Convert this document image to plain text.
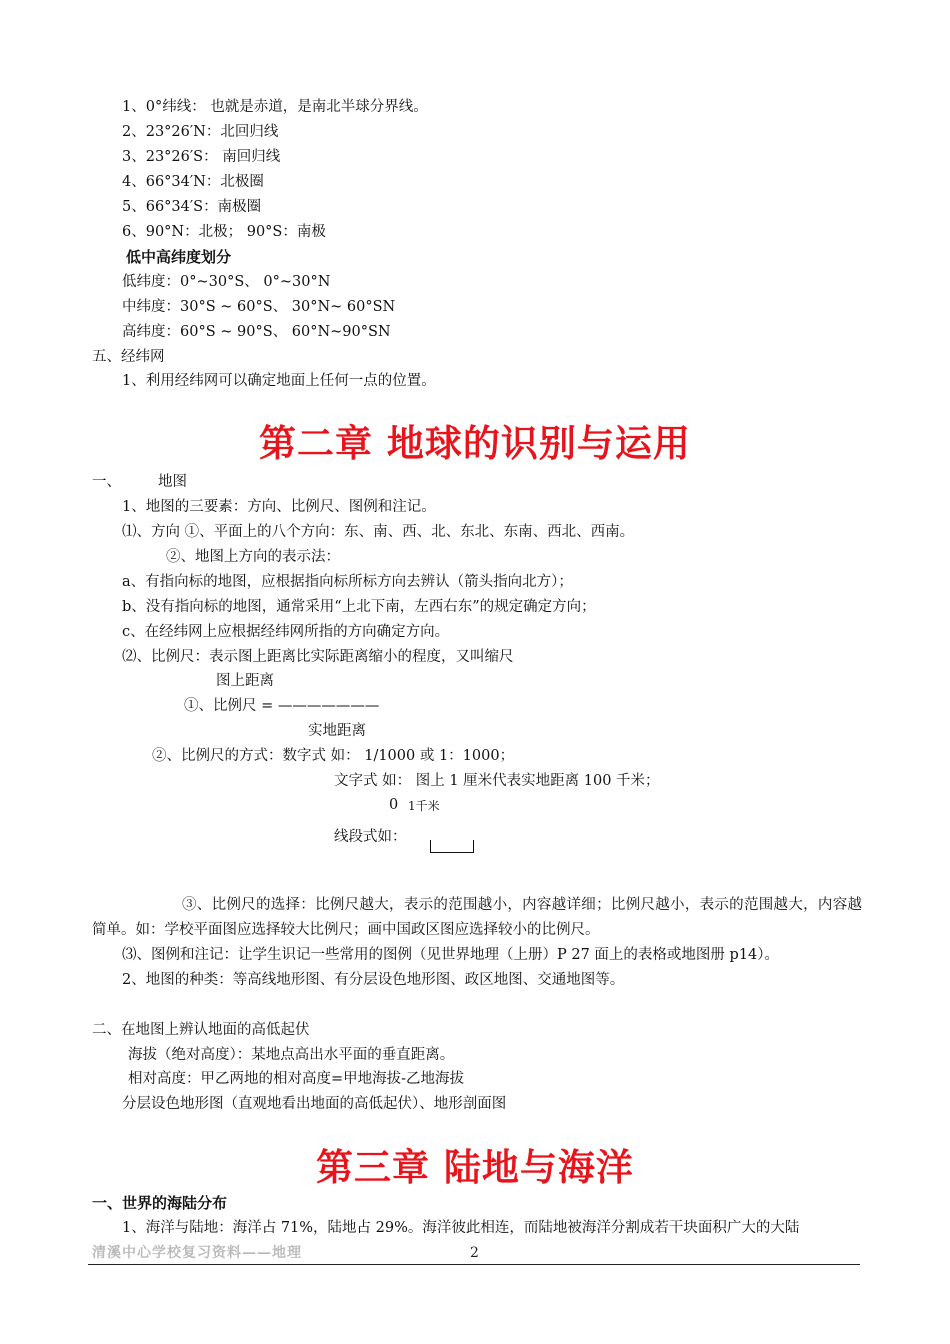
1、0°纬线： 也就是赤道，是南北半球分界线。
2、23°26′N：北回归线
3、23°26′S： 南回归线
4、66°34′N：北极圈
5、66°34′S：南极圈
6、90°N：北极； 90°S：南极
低中高纬度划分
低纬度：0°~30°S、 0°~30°N
中纬度：30°S ~ 60°S、 30°N~ 60°SN
高纬度：60°S ~ 90°S、 60°N~90°SN
五、经纬网
1、利用经纬网可以确定地面上任何一点的位置。
第二章 地球的识别与运用
一、	地图
1、地图的三要素：方向、比例尺、图例和注记。
⑴、方向 ①、平面上的八个方向：东、南、西、北、东北、东南、西北、西南。
②、地图上方向的表示法：
a、有指向标的地图，应根据指向标所标方向去辨认（箭头指向北方）；
b、没有指向标的地图，通常采用“上北下南，左西右东”的规定确定方向；
c、在经纬网上应根据经纬网所指的方向确定方向。
⑵、比例尺：表示图上距离比实际距离缩小的程度，又叫缩尺
图上距离
①、比例尺 = ———————
实地距离
②、比例尺的方式：数字式 如： 1/1000 或 1：1000；
文字式 如： 图上 1 厘米代表实地距离 100 千米；
0 1千米
线段式如：
③、比例尺的选择：比例尺越大，表示的范围越小，内容越详细；比例尺越小，表示的范围越大，内容越简单。如：学校平面图应选择较大比例尺；画中国政区图应选择较小的比例尺。
⑶、图例和注记：让学生识记一些常用的图例（见世界地理（上册）P 27 面上的表格或地图册 p14）。
2、地图的种类：等高线地形图、有分层设色地形图、政区地图、交通地图等。
二、在地图上辨认地面的高低起伏
海拔（绝对高度）：某地点高出水平面的垂直距离。
相对高度：甲乙两地的相对高度=甲地海拔-乙地海拔
分层设色地形图（直观地看出地面的高低起伏）、地形剖面图
第三章 陆地与海洋
一、世界的海陆分布
1、海洋与陆地：海洋占 71%，陆地占 29%。海洋彼此相连，而陆地被海洋分割成若干块面积广大的大陆
清溪中心学校复习资料——地理	2
